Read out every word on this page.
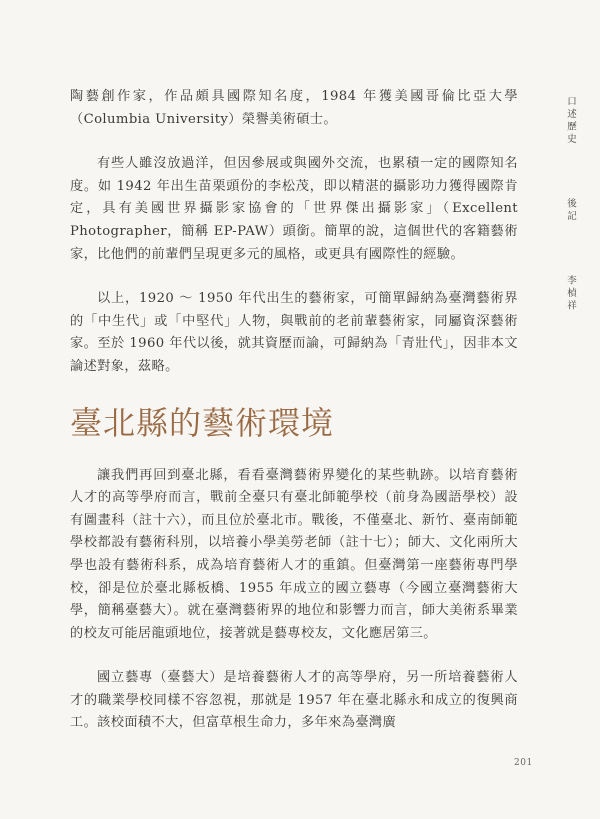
陶藝創作家，作品頗具國際知名度，1984 年獲美國哥倫比亞大學（Columbia University）榮譽美術碩士。

有些人雖沒放過洋，但因參展或與國外交流，也累積一定的國際知名度。如 1942 年出生苗栗頭份的李松茂，即以精湛的攝影功力獲得國際肯定，具有美國世界攝影家協會的「世界傑出攝影家」（Excellent Photographer，簡稱 EP-PAW）頭銜。簡單的說，這個世代的客籍藝術家，比他們的前輩們呈現更多元的風格，或更具有國際性的經驗。

以上，1920 ～ 1950 年代出生的藝術家，可簡單歸納為臺灣藝術界的「中生代」或「中堅代」人物，與戰前的老前輩藝術家，同屬資深藝術家。至於 1960 年代以後，就其資歷而論，可歸納為「青壯代」，因非本文論述對象，茲略。

臺北縣的藝術環境

讓我們再回到臺北縣，看看臺灣藝術界變化的某些軌跡。以培育藝術人才的高等學府而言，戰前全臺只有臺北師範學校（前身為國語學校）設有圖畫科（註十六），而且位於臺北市。戰後，不僅臺北、新竹、臺南師範學校都設有藝術科別，以培養小學美勞老師（註十七）；師大、文化兩所大學也設有藝術科系，成為培育藝術人才的重鎮。但臺灣第一座藝術專門學校，卻是位於臺北縣板橋、1955 年成立的國立藝專（今國立臺灣藝術大學，簡稱臺藝大）。就在臺灣藝術界的地位和影響力而言，師大美術系畢業的校友可能居龍頭地位，接著就是藝專校友，文化應居第三。

國立藝專（臺藝大）是培養藝術人才的高等學府，另一所培養藝術人才的職業學校同樣不容忽視，那就是 1957 年在臺北縣永和成立的復興商工。該校面積不大，但富草根生命力，多年來為臺灣廣

口述歷史  後記  李楨祥
201
